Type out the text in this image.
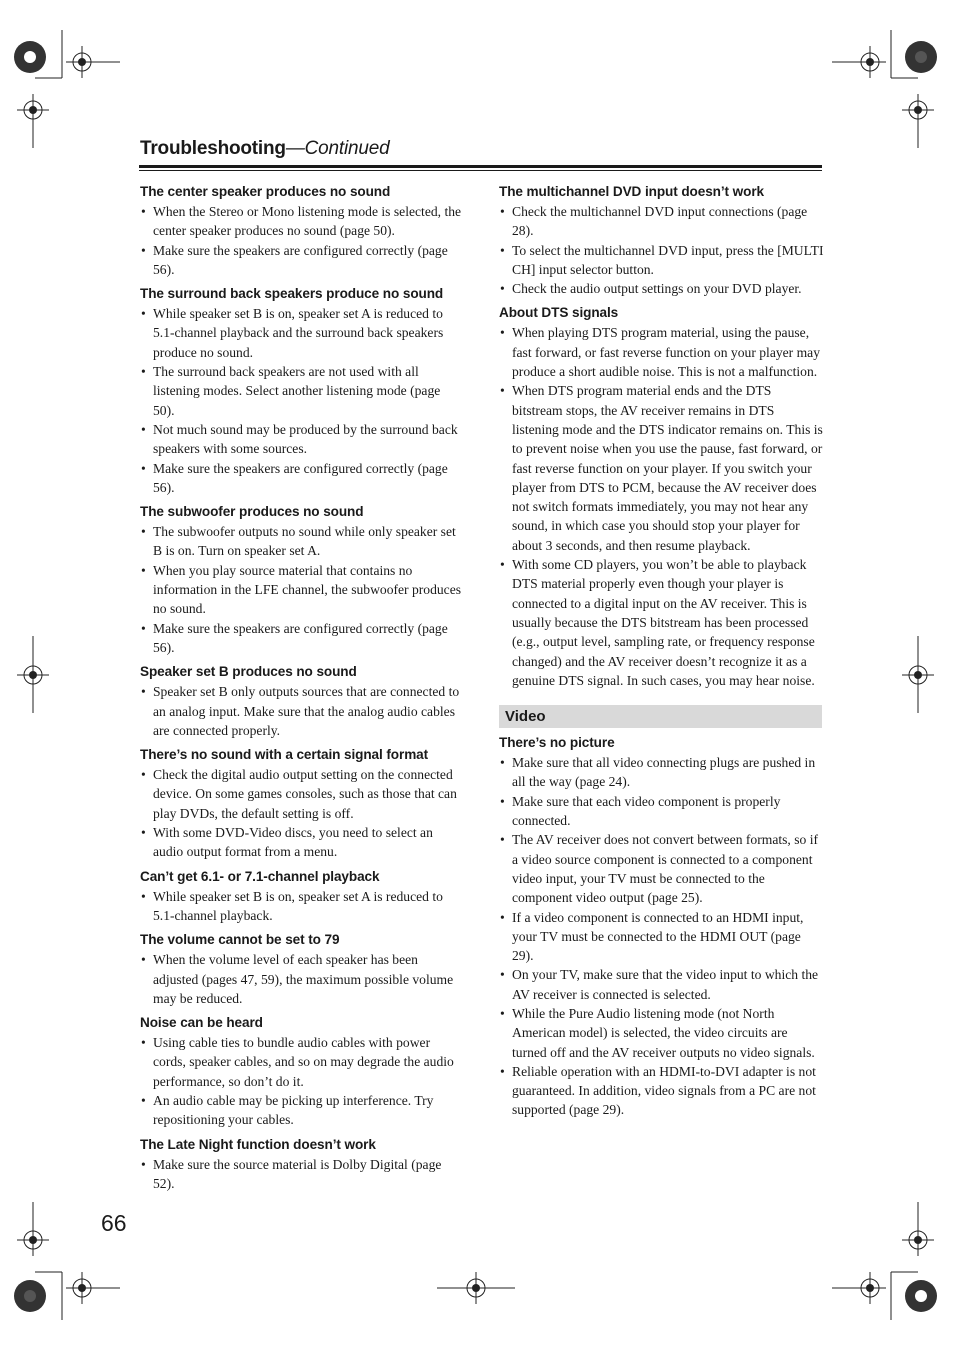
Troubleshooting—Continued
The center speaker produces no sound
• When the Stereo or Mono listening mode is selected, the center speaker produces no sound (page 50).
• Make sure the speakers are configured correctly (page 56).
The surround back speakers produce no sound
• While speaker set B is on, speaker set A is reduced to 5.1-channel playback and the surround back speakers produce no sound.
• The surround back speakers are not used with all listening modes. Select another listening mode (page 50).
• Not much sound may be produced by the surround back speakers with some sources.
• Make sure the speakers are configured correctly (page 56).
The subwoofer produces no sound
• The subwoofer outputs no sound while only speaker set B is on. Turn on speaker set A.
• When you play source material that contains no information in the LFE channel, the subwoofer produces no sound.
• Make sure the speakers are configured correctly (page 56).
Speaker set B produces no sound
• Speaker set B only outputs sources that are connected to an analog input. Make sure that the analog audio cables are connected properly.
There’s no sound with a certain signal format
• Check the digital audio output setting on the connected device. On some games consoles, such as those that can play DVDs, the default setting is off.
• With some DVD-Video discs, you need to select an audio output format from a menu.
Can’t get 6.1- or 7.1-channel playback
• While speaker set B is on, speaker set A is reduced to 5.1-channel playback.
The volume cannot be set to 79
• When the volume level of each speaker has been adjusted (pages 47, 59), the maximum possible volume may be reduced.
Noise can be heard
• Using cable ties to bundle audio cables with power cords, speaker cables, and so on may degrade the audio performance, so don’t do it.
• An audio cable may be picking up interference. Try repositioning your cables.
The Late Night function doesn’t work
• Make sure the source material is Dolby Digital (page 52).
The multichannel DVD input doesn’t work
• Check the multichannel DVD input connections (page 28).
• To select the multichannel DVD input, press the [MULTI CH] input selector button.
• Check the audio output settings on your DVD player.
About DTS signals
• When playing DTS program material, using the pause, fast forward, or fast reverse function on your player may produce a short audible noise. This is not a malfunction.
• When DTS program material ends and the DTS bitstream stops, the AV receiver remains in DTS listening mode and the DTS indicator remains on. This is to prevent noise when you use the pause, fast forward, or fast reverse function on your player. If you switch your player from DTS to PCM, because the AV receiver does not switch formats immediately, you may not hear any sound, in which case you should stop your player for about 3 seconds, and then resume playback.
• With some CD players, you won’t be able to playback DTS material properly even though your player is connected to a digital input on the AV receiver. This is usually because the DTS bitstream has been processed (e.g., output level, sampling rate, or frequency response changed) and the AV receiver doesn’t recognize it as a genuine DTS signal. In such cases, you may hear noise.
Video
There’s no picture
• Make sure that all video connecting plugs are pushed in all the way (page 24).
• Make sure that each video component is properly connected.
• The AV receiver does not convert between formats, so if a video source component is connected to a component video input, your TV must be connected to the component video output (page 25).
• If a video component is connected to an HDMI input, your TV must be connected to the HDMI OUT (page 29).
• On your TV, make sure that the video input to which the AV receiver is connected is selected.
• While the Pure Audio listening mode (not North American model) is selected, the video circuits are turned off and the AV receiver outputs no video signals.
• Reliable operation with an HDMI-to-DVI adapter is not guaranteed. In addition, video signals from a PC are not supported (page 29).
66
